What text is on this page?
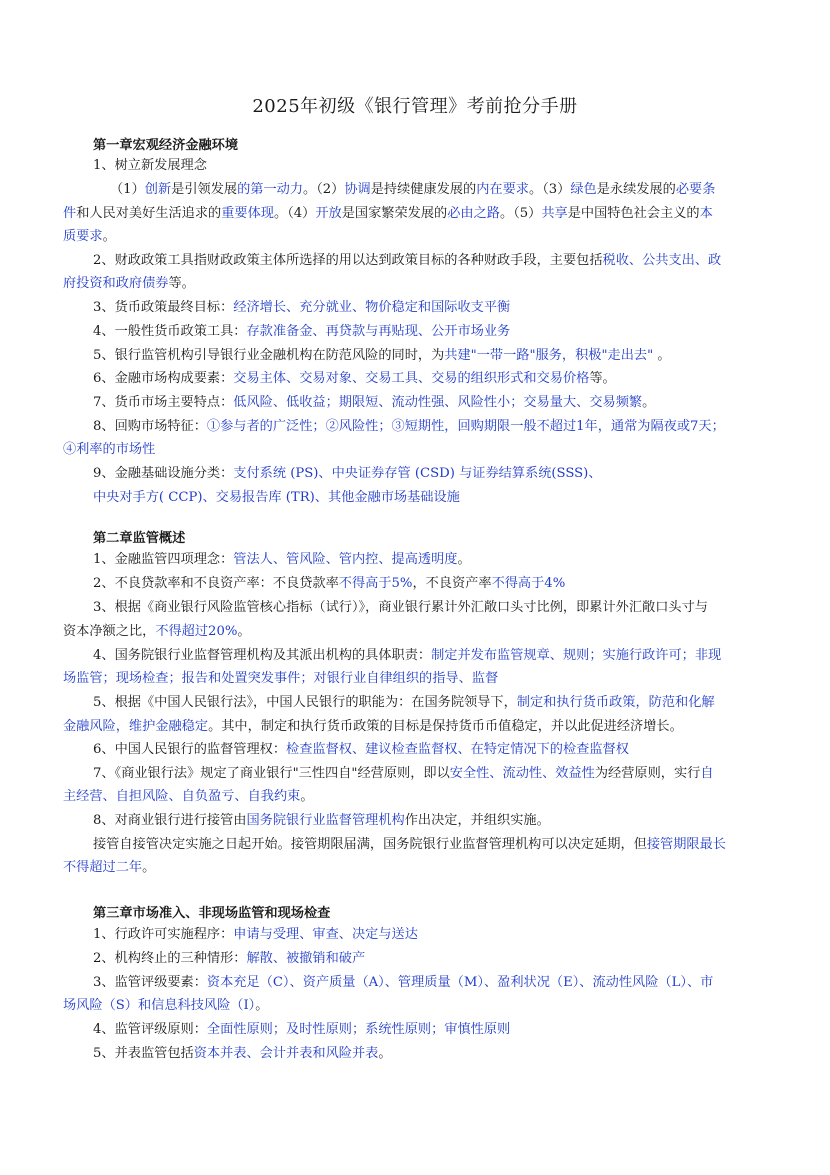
2025年初级《银行管理》考前抢分手册
第一章宏观经济金融环境
1、树立新发展理念
（1）创新是引领发展的第一动力。（2）协调是持续健康发展的内在要求。（3）绿色是永续发展的必要条
件和人民对美好生活追求的重要体现。（4）开放是国家繁荣发展的必由之路。（5）共享是中国特色社会主义的本
质要求。
2、财政政策工具指财政政策主体所选择的用以达到政策目标的各种财政手段，主要包括税收、公共支出、政
府投资和政府债券等。
3、货币政策最终目标：经济增长、充分就业、物价稳定和国际收支平衡
4、一般性货币政策工具：存款准备金、再贷款与再贴现、公开市场业务
5、银行监管机构引导银行业金融机构在防范风险的同时，为共建"一带一路"服务，积极"走出去" 。
6、金融市场构成要素：交易主体、交易对象、交易工具、交易的组织形式和交易价格等。
7、货币市场主要特点：低风险、低收益；期限短、流动性强、风险性小；交易量大、交易频繁。
8、回购市场特征：①参与者的广泛性；②风险性；③短期性，回购期限一般不超过1年，通常为隔夜或7天；
④利率的市场性
9、金融基础设施分类：支付系统 (PS)、中央证券存管 (CSD) 与证券结算系统(SSS)、
中央对手方( CCP)、交易报告库 (TR)、其他金融市场基础设施
第二章监管概述
1、金融监管四项理念：管法人、管风险、管内控、提高透明度。
2、不良贷款率和不良资产率：不良贷款率不得高于5%，不良资产率不得高于4%
3、根据《商业银行风险监管核心指标（试行）》，商业银行累计外汇敞口头寸比例，即累计外汇敞口头寸与
资本净额之比，不得超过20%。
4、国务院银行业监督管理机构及其派出机构的具体职责：制定并发布监管规章、规则；实施行政许可；非现
场监管；现场检查；报告和处置突发事件；对银行业自律组织的指导、监督
5、根据《中国人民银行法》，中国人民银行的职能为：在国务院领导下，制定和执行货币政策，防范和化解
金融风险，维护金融稳定。其中，制定和执行货币政策的目标是保持货币币值稳定，并以此促进经济增长。
6、中国人民银行的监督管理权：检查监督权、建议检查监督权、在特定情况下的检查监督权
7、《商业银行法》规定了商业银行"三性四自"经营原则，即以安全性、流动性、效益性为经营原则，实行自
主经营、自担风险、自负盈亏、自我约束。
8、对商业银行进行接管由国务院银行业监督管理机构作出决定，并组织实施。
接管自接管决定实施之日起开始。接管期限届满，国务院银行业监督管理机构可以决定延期，但接管期限最长
不得超过二年。
第三章市场准入、非现场监管和现场检查
1、行政许可实施程序：申请与受理、审查、决定与送达
2、机构终止的三种情形：解散、被撤销和破产
3、监管评级要素：资本充足（C）、资产质量（A）、管理质量（M）、盈利状况（E）、流动性风险（L）、市
场风险（S）和信息科技风险（I）。
4、监管评级原则：全面性原则；及时性原则；系统性原则；审慎性原则
5、并表监管包括资本并表、会计并表和风险并表。
